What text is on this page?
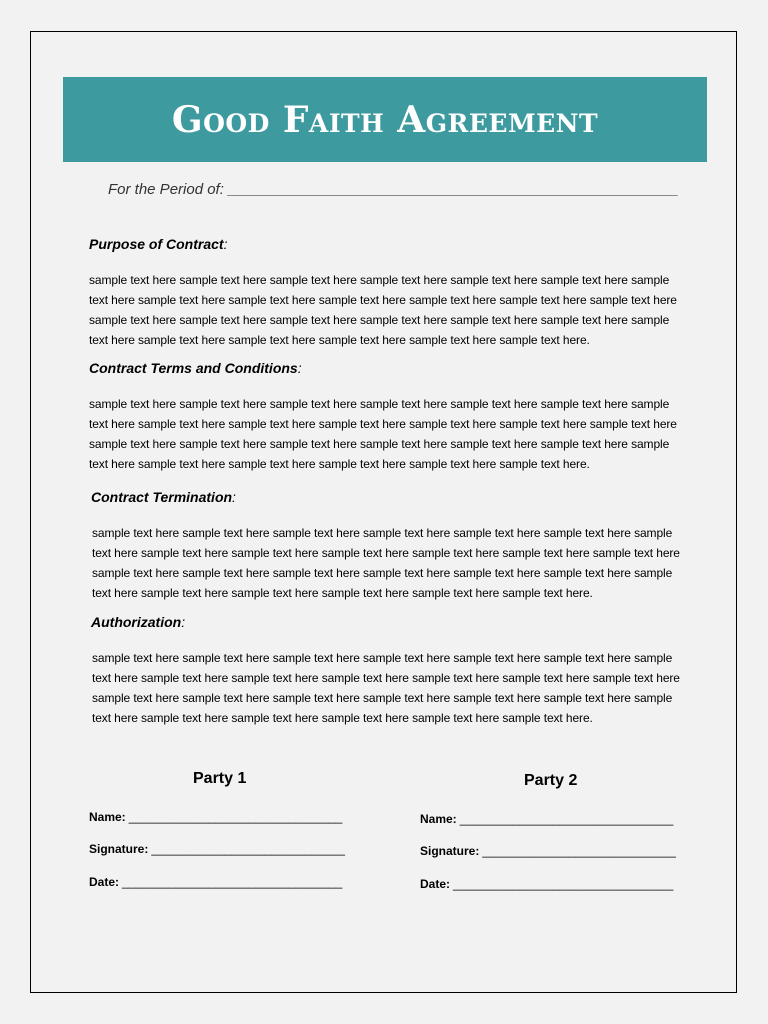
Good Faith Agreement
For the Period of: ______________________________________________________
Purpose of Contract:
sample text here sample text here sample text here sample text here sample text here sample text here sample text here sample text here sample text here sample text here sample text here sample text here sample text here sample text here sample text here sample text here sample text here sample text here sample text here sample text here sample text here sample text here sample text here sample text here sample text here.
Contract Terms and Conditions:
sample text here sample text here sample text here sample text here sample text here sample text here sample text here sample text here sample text here sample text here sample text here sample text here sample text here sample text here sample text here sample text here sample text here sample text here sample text here sample text here sample text here sample text here sample text here sample text here sample text here.
Contract Termination:
sample text here sample text here sample text here sample text here sample text here sample text here sample text here sample text here sample text here sample text here sample text here sample text here sample text here sample text here sample text here sample text here sample text here sample text here sample text here sample text here sample text here sample text here sample text here sample text here sample text here.
Authorization:
sample text here sample text here sample text here sample text here sample text here sample text here sample text here sample text here sample text here sample text here sample text here sample text here sample text here sample text here sample text here sample text here sample text here sample text here sample text here sample text here sample text here sample text here sample text here sample text here sample text here.
Party 1
Name: ________________________________
Signature: _____________________________
Date: _________________________________
Party 2
Name: ________________________________
Signature: _____________________________
Date: _________________________________
